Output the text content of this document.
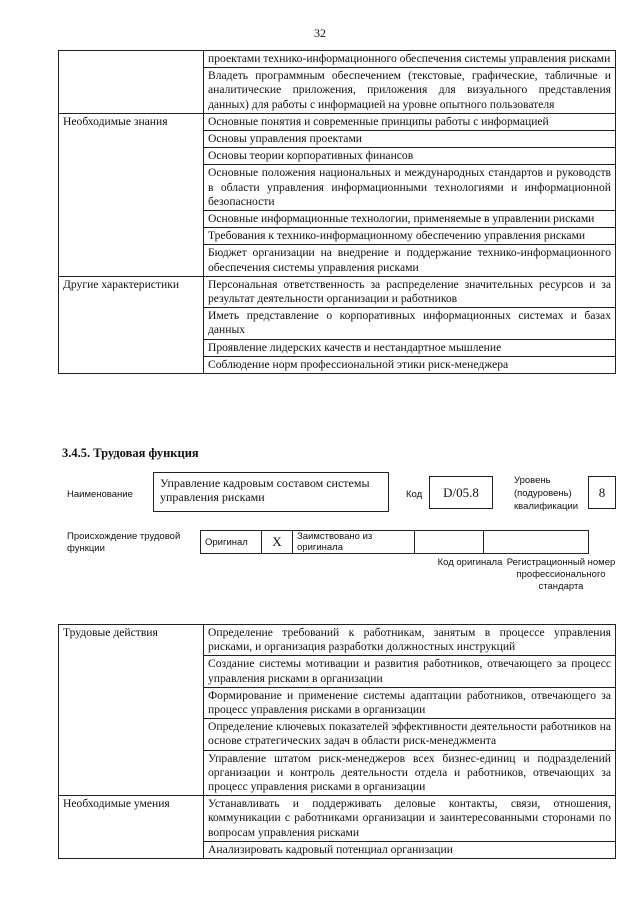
32
	проектами технико-информационного обеспечения системы управления рисками
	Владеть программным обеспечением (текстовые, графические, табличные и аналитические приложения, приложения для визуального представления данных) для работы с информацией на уровне опытного пользователя
Необходимые знания	Основные понятия и современные принципы работы с информацией
	Основы управления проектами
	Основы теории корпоративных финансов
	Основные положения национальных и международных стандартов и руководств в области управления информационными технологиями и информационной безопасности
	Основные информационные технологии, применяемые в управлении рисками
	Требования к технико-информационному обеспечению управления рисками
	Бюджет организации на внедрение и поддержание технико-информационного обеспечения системы управления рисками
Другие характеристики	Персональная ответственность за распределение значительных ресурсов и за результат деятельности организации и работников
	Иметь представление о корпоративных информационных системах и базах данных
	Проявление лидерских качеств и нестандартное мышление
	Соблюдение норм профессиональной этики риск-менеджера
3.4.5. Трудовая функция
Наименование
Управление кадровым составом системы управления рисками	Код	D/05.8
Уровень (подуровень) квалификации
8
Происхождение трудовой функции
Оригинал	X	Заимствовано из оригинала		
Код оригинала Регистрационный номер профессионального стандарта
Трудовые действия	Определение требований к работникам, занятым в процессе управления рисками, и организация разработки должностных инструкций
	Создание системы мотивации и развития работников, отвечающего за процесс управления рисками в организации
	Формирование и применение системы адаптации работников, отвечающего за процесс управления рисками в организации
	Определение ключевых показателей эффективности деятельности работников на основе стратегических задач в области риск-менеджмента
	Управление штатом риск-менеджеров всех бизнес-единиц и подразделений организации и контроль деятельности отдела и работников, отвечающих за процесс управления рисками в организации
Необходимые умения	Устанавливать и поддерживать деловые контакты, связи, отношения, коммуникации с работниками организации и заинтересованными сторонами по вопросам управления рисками
	Анализировать кадровый потенциал организации
